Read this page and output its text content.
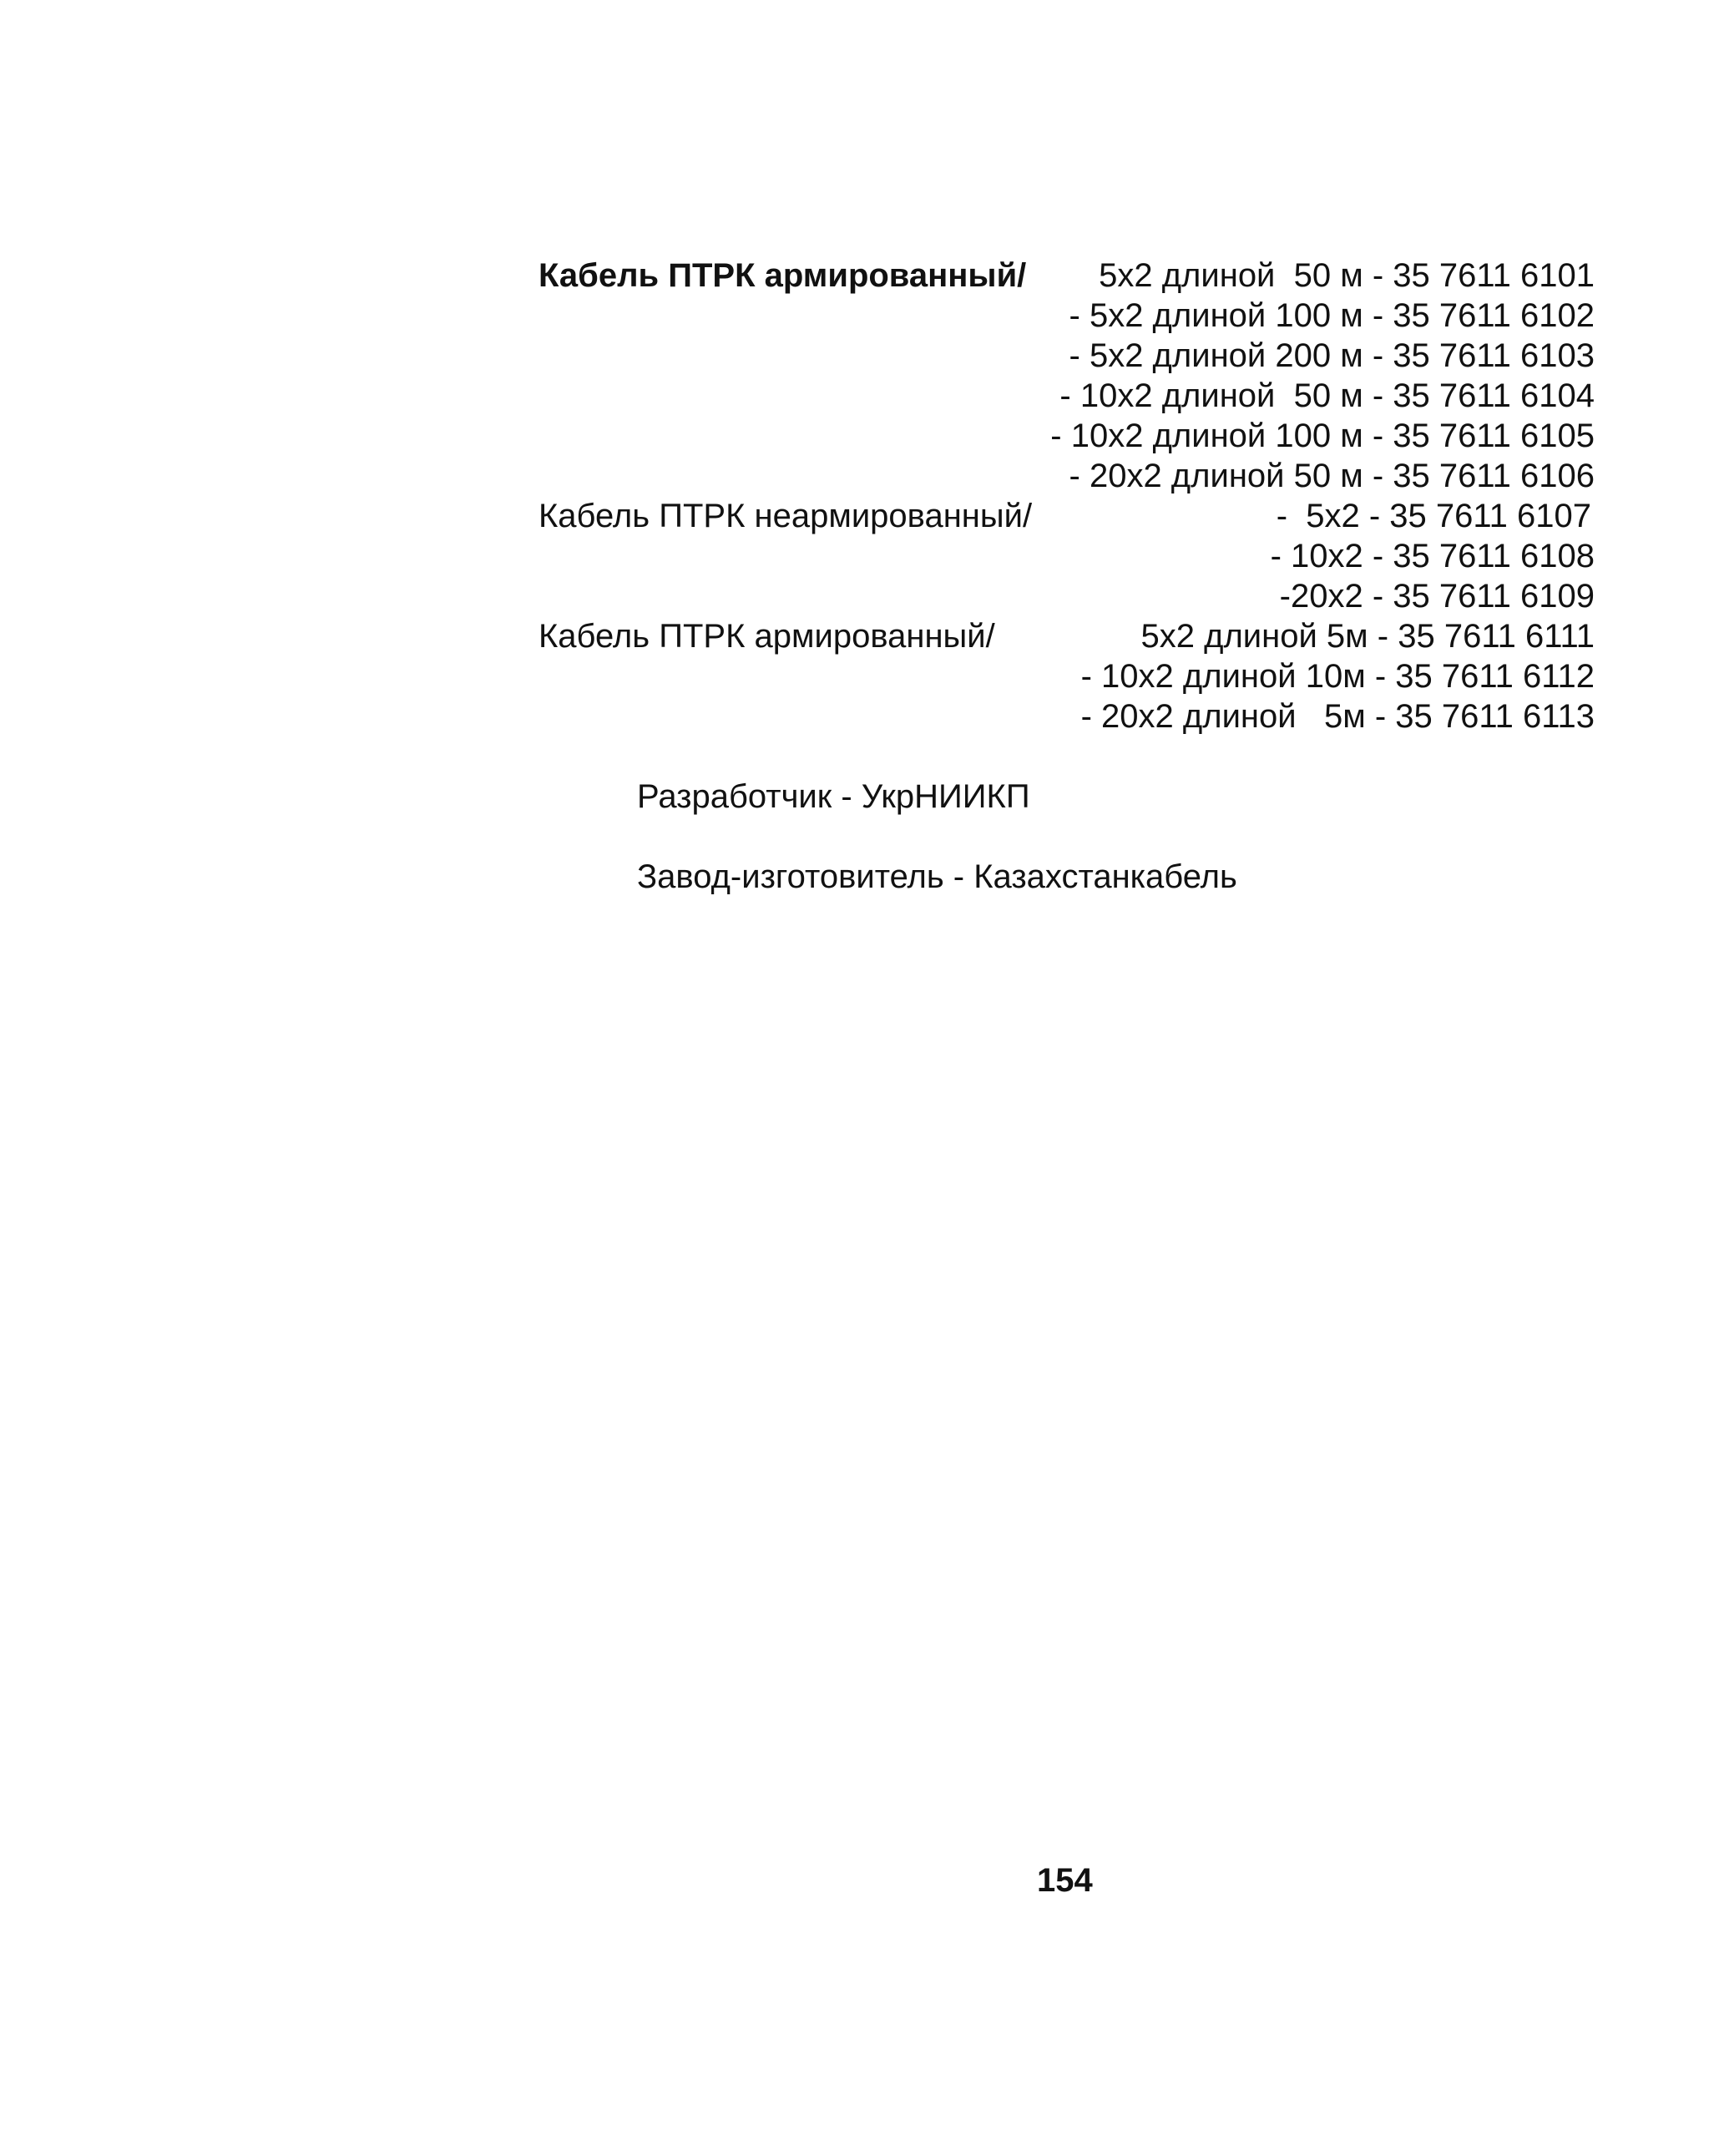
Кабель ПТРК армированный/	5х2 длиной  50 м - 35 7611 6101
- 5х2 длиной 100 м - 35 7611 6102
- 5х2 длиной 200 м - 35 7611 6103
- 10х2 длиной  50 м - 35 7611 6104
- 10х2 длиной 100 м - 35 7611 6105
- 20х2 длиной 50 м - 35 7611 6106
Кабель ПТРК неармированный/	-  5х2 - 35 7611 6107
- 10х2 - 35 7611 6108
-20х2 - 35 7611 6109
Кабель ПТРК армированный/	5х2 длиной 5м - 35 7611 6111
- 10х2 длиной 10м - 35 7611 6112
- 20х2 длиной   5м - 35 7611 6113
Разработчик - УкрНИИКП
Завод-изготовитель - Казахстанкабель
154
